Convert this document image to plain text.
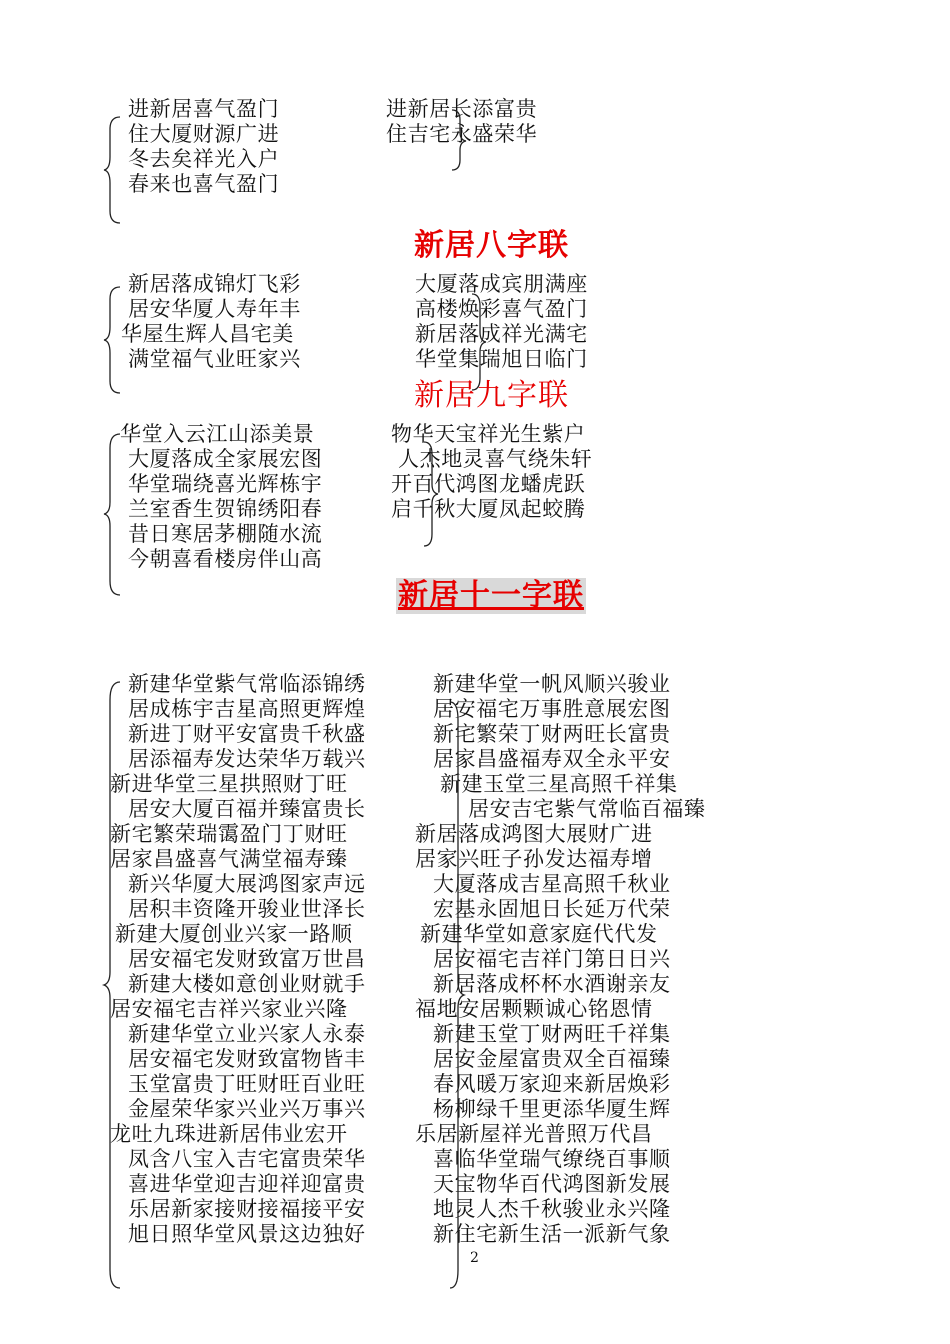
进新居喜气盈门
住大厦财源广进
冬去矣祥光入户
春来也喜气盈门
进新居长添富贵
住吉宅永盛荣华
新居八字联
新居落成锦灯飞彩
居安华厦人寿年丰
华屋生辉人昌宅美
满堂福气业旺家兴
大厦落成宾朋满座
高楼焕彩喜气盈门
新居落成祥光满宅
华堂集瑞旭日临门
新居九字联
华堂入云江山添美景
大厦落成全家展宏图
华堂瑞绕喜光辉栋宇
兰室香生贺锦绣阳春
昔日寒居茅棚随水流
今朝喜看楼房伴山高
物华天宝祥光生紫户
人杰地灵喜气绕朱轩
开百代鸿图龙蟠虎跃
启千秋大厦凤起蛟腾
新居十一字联
新建华堂紫气常临添锦绣
居成栋宇吉星高照更辉煌
新进丁财平安富贵千秋盛
居添福寿发达荣华万载兴
新进华堂三星拱照财丁旺
居安大厦百福并臻富贵长
新宅繁荣瑞霭盈门丁财旺
居家昌盛喜气满堂福寿臻
新兴华厦大展鸿图家声远
居积丰资隆开骏业世泽长
新建大厦创业兴家一路顺
居安福宅发财致富万世昌
新建大楼如意创业财就手
居安福宅吉祥兴家业兴隆
新建华堂立业兴家人永泰
居安福宅发财致富物皆丰
玉堂富贵丁旺财旺百业旺
金屋荣华家兴业兴万事兴
龙吐九珠进新居伟业宏开
凤含八宝入吉宅富贵荣华
喜进华堂迎吉迎祥迎富贵
乐居新家接财接福接平安
旭日照华堂风景这边独好
新建华堂一帆风顺兴骏业
居安福宅万事胜意展宏图
新宅繁荣丁财两旺长富贵
居家昌盛福寿双全永平安
新建玉堂三星高照千祥集
居安吉宅紫气常临百福臻
新居落成鸿图大展财广进
居家兴旺子孙发达福寿增
大厦落成吉星高照千秋业
宏基永固旭日长延万代荣
新建华堂如意家庭代代发
居安福宅吉祥门第日日兴
新居落成杯杯水酒谢亲友
福地安居颗颗诚心铭恩情
新建玉堂丁财两旺千祥集
居安金屋富贵双全百福臻
春风暖万家迎来新居焕彩
杨柳绿千里更添华厦生辉
乐居新屋祥光普照万代昌
喜临华堂瑞气缭绕百事顺
天宝物华百代鸿图新发展
地灵人杰千秋骏业永兴隆
新住宅新生活一派新气象
2
